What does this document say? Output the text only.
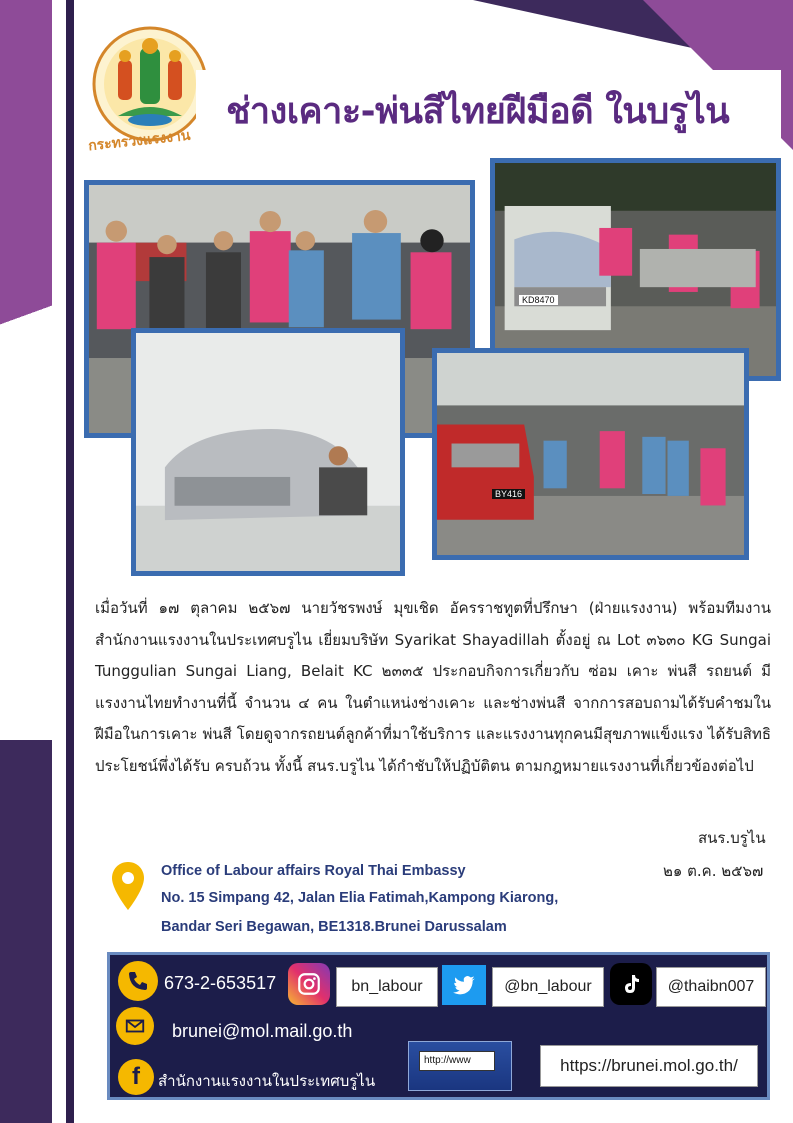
กระทรวงแรงงาน
ช่างเคาะ-พ่นสีไทยฝีมือดี ในบรูไน
KD8470
BY416
เมื่อวันที่ ๑๗ ตุลาคม ๒๕๖๗ นายวัชรพงษ์ มุขเชิด อัครราชทูตที่ปรึกษา (ฝ่ายแรงงาน) พร้อมทีมงาน สำนักงานแรงงานในประเทศบรูไน เยี่ยมบริษัท Syarikat Shayadillah ตั้งอยู่ ณ Lot ๓๖๓๐ KG Sungai Tunggulian Sungai Liang, Belait KC ๒๓๓๕ ประกอบกิจการเกี่ยวกับ ซ่อม เคาะ พ่นสี รถยนต์ มีแรงงานไทยทำงานที่นี้ จำนวน ๔ คน ในตำแหน่งช่างเคาะ และช่างพ่นสี จากการสอบถามได้รับคำชมในฝีมือในการเคาะ พ่นสี โดยดูจากรถยนต์ลูกค้าที่มาใช้บริการ และแรงงานทุกคนมีสุขภาพแข็งแรง ได้รับสิทธิประโยชน์พึ่งได้รับ ครบถ้วน ทั้งนี้ สนร.บรูไน ได้กำชับให้ปฏิบัติตน ตามกฎหมายแรงงานที่เกี่ยวข้องต่อไป
สนร.บรูไน
๒๑ ต.ค. ๒๕๖๗
Office of Labour affairs Royal Thai Embassy
No. 15 Simpang 42, Jalan Elia Fatimah,Kampong Kiarong,
Bandar Seri Begawan, BE1318.Brunei Darussalam
673-2-653517	bn_labour	@bn_labour	@thaibn007
brunei@mol.mail.go.th
f สำนักงานแรงงานในประเทศบรูไน
http://www	https://brunei.mol.go.th/
